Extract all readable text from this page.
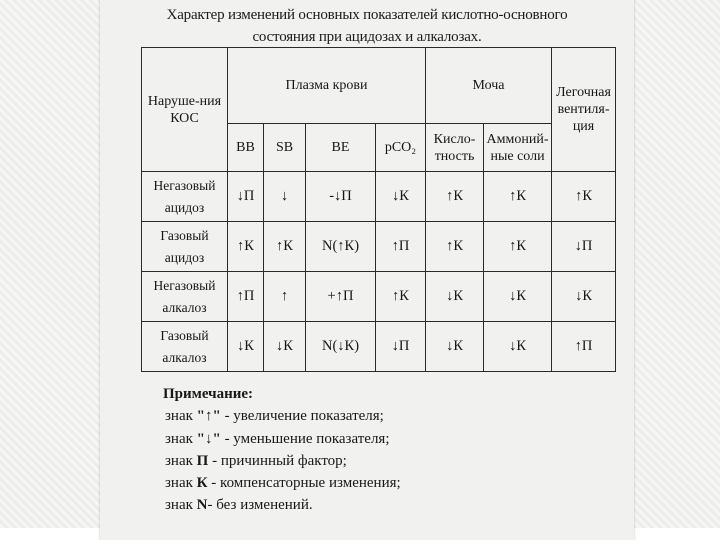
Характер изменений основных показателей кислотно-основного
состояния при ацидозах и алкалозах.
Наруше-ния КОС	Плазма крови				Моча		Легочная вентиля-ция
	BB	SB	BE	pCO₂	Кисло-тность	Аммоний-ные соли	
Негазовый ацидоз	↓П	↓	-↓П	↓К	↑К	↑К	↑К
Газовый ацидоз	↑К	↑К	N(↑К)	↑П	↑К	↑К	↓П
Негазовый алкалоз	↑П	↑	+↑П	↑К	↓К	↓К	↓К
Газовый алкалоз	↓К	↓К	N(↓К)	↓П	↓К	↓К	↑П
Примечание:
знак "↑" - увеличение показателя;
знак "↓" - уменьшение показателя;
знак П - причинный фактор;
знак К - компенсаторные изменения;
знак N- без изменений.
